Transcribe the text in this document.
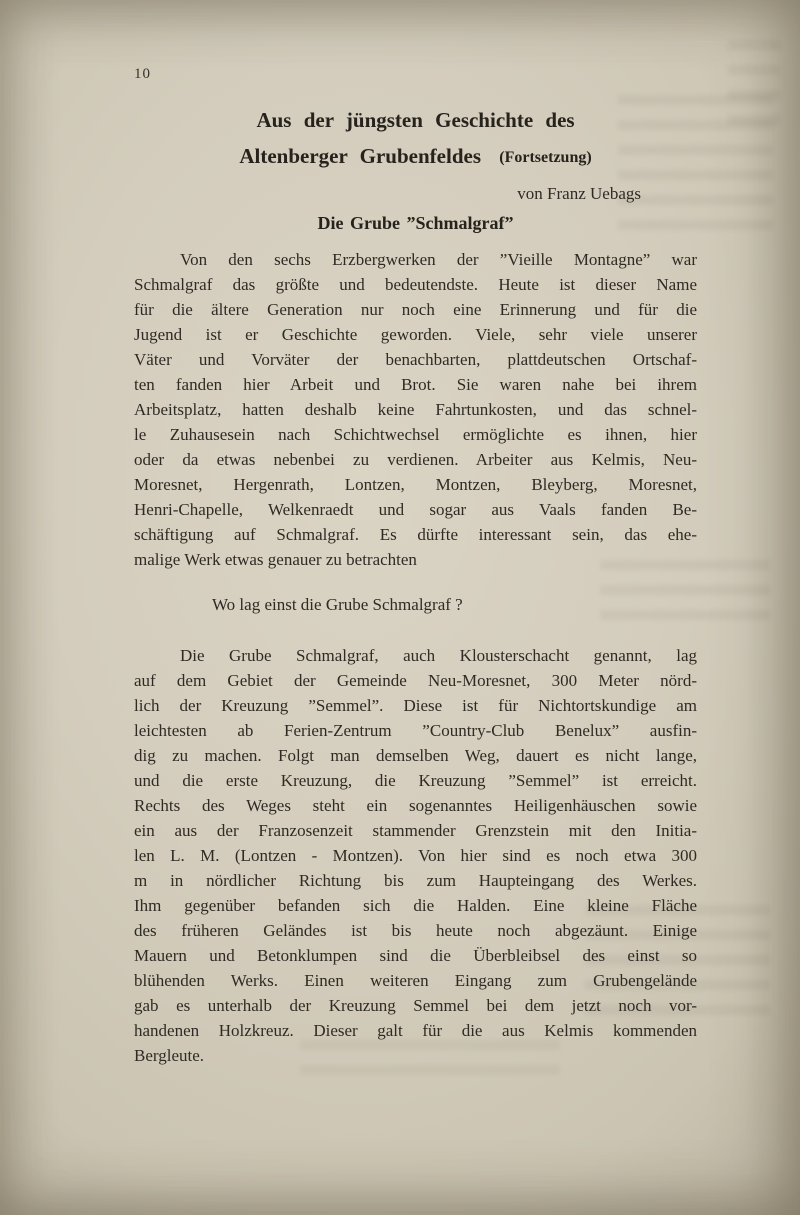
10
Aus der jüngsten Geschichte des
Altenberger Grubenfeldes (Fortsetzung)
von Franz Uebags
Die Grube ”Schmalgraf”
Von den sechs Erzbergwerken der ”Vieille Montagne” war
Schmalgraf das größte und bedeutendste. Heute ist dieser Name
für die ältere Generation nur noch eine Erinnerung und für die
Jugend ist er Geschichte geworden. Viele, sehr viele unserer
Väter und Vorväter der benachbarten, plattdeutschen Ortschaf-
ten fanden hier Arbeit und Brot. Sie waren nahe bei ihrem
Arbeitsplatz, hatten deshalb keine Fahrtunkosten, und das schnel-
le Zuhausesein nach Schichtwechsel ermöglichte es ihnen, hier
oder da etwas nebenbei zu verdienen. Arbeiter aus Kelmis, Neu-
Moresnet, Hergenrath, Lontzen, Montzen, Bleyberg, Moresnet,
Henri-Chapelle, Welkenraedt und sogar aus Vaals fanden Be-
schäftigung auf Schmalgraf. Es dürfte interessant sein, das ehe-
malige Werk etwas genauer zu betrachten
Wo lag einst die Grube Schmalgraf ?
Die Grube Schmalgraf, auch Klousterschacht genannt, lag
auf dem Gebiet der Gemeinde Neu-Moresnet, 300 Meter nörd-
lich der Kreuzung ”Semmel”. Diese ist für Nichtortskundige am
leichtesten ab Ferien-Zentrum ”Country-Club Benelux” ausfin-
dig zu machen. Folgt man demselben Weg, dauert es nicht lange,
und die erste Kreuzung, die Kreuzung ”Semmel” ist erreicht.
Rechts des Weges steht ein sogenanntes Heiligenhäuschen sowie
ein aus der Franzosenzeit stammender Grenzstein mit den Initia-
len L. M. (Lontzen - Montzen). Von hier sind es noch etwa 300
m in nördlicher Richtung bis zum Haupteingang des Werkes.
Ihm gegenüber befanden sich die Halden. Eine kleine Fläche
des früheren Geländes ist bis heute noch abgezäunt. Einige
Mauern und Betonklumpen sind die Überbleibsel des einst so
blühenden Werks. Einen weiteren Eingang zum Grubengelände
gab es unterhalb der Kreuzung Semmel bei dem jetzt noch vor-
handenen Holzkreuz. Dieser galt für die aus Kelmis kommenden
Bergleute.
